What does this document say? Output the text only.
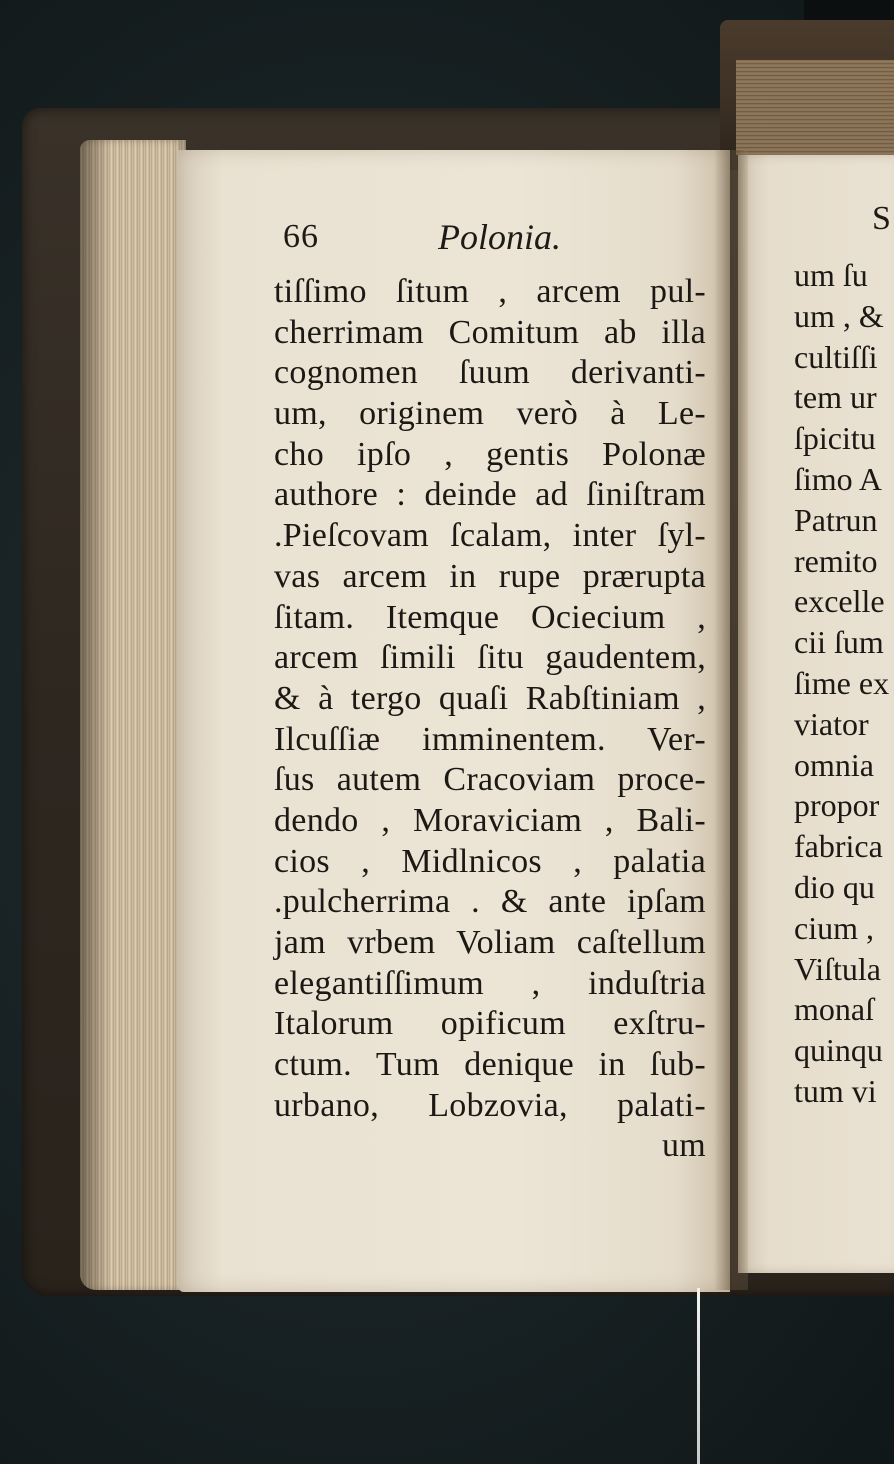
66	Polonia.
tiſſimo ſitum , arcem pul-
cherrimam Comitum ab illa
cognomen ſuum derivanti-
um, originem verò à Le-
cho ipſo , gentis Polonæ
authore : deinde ad ſiniſtram
.Pieſcovam ſcalam, inter ſyl-
vas arcem in rupe prærupta
ſitam. Itemque Ociecium ,
arcem ſimili ſitu gaudentem,
& à tergo quaſi Rabſtiniam ,
Ilcuſſiæ imminentem. Ver-
ſus autem Cracoviam proce-
dendo , Moraviciam , Bali-
cios , Midlnicos , palatia
.pulcherrima . & ante ipſam
jam vrbem Voliam caſtellum
elegantiſſimum , induſtria
Italorum opificum exſtru-
ctum. Tum denique in ſub-
urbano, Lobzovia, palati-
um
S
um ſu
um , &
cultiſſi
tem ur
ſpicitu
ſimo A
Patrun
remito
excelle
cii ſum
ſime ex
viator
omnia
propor
fabrica
dio qu
cium ,
Viſtula
monaſ
quinqu
tum vi
